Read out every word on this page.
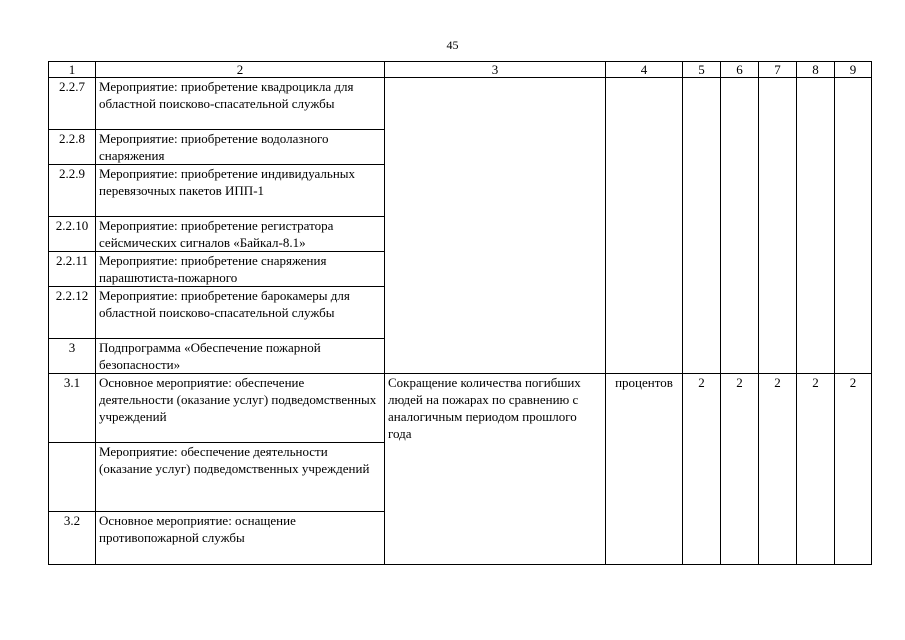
45
1	2	3	4	5	6	7	8	9
2.2.7	Мероприятие: приобретение квадроцикла для областной поисково-спасательной службы							
2.2.8	Мероприятие: приобретение водолазного снаряжения							
2.2.9	Мероприятие: приобретение индивидуальных перевязочных пакетов ИПП-1							
2.2.10	Мероприятие: приобретение регистратора сейсмических сигналов «Байкал-8.1»							
2.2.11	Мероприятие: приобретение снаряжения парашютиста-пожарного							
2.2.12	Мероприятие: приобретение барокамеры для областной поисково-спасательной службы							
3	Подпрограмма «Обеспечение пожарной безопасности»							
3.1	Основное мероприятие: обеспечение деятельности (оказание услуг) подведомственных учреждений	Сокращение количества погибших людей на пожарах по сравнению с аналогичным периодом прошлого года	процентов	2	2	2	2	2
	Мероприятие: обеспечение деятельности (оказание услуг) подведомственных учреждений							
3.2	Основное мероприятие: оснащение противопожарной службы							
